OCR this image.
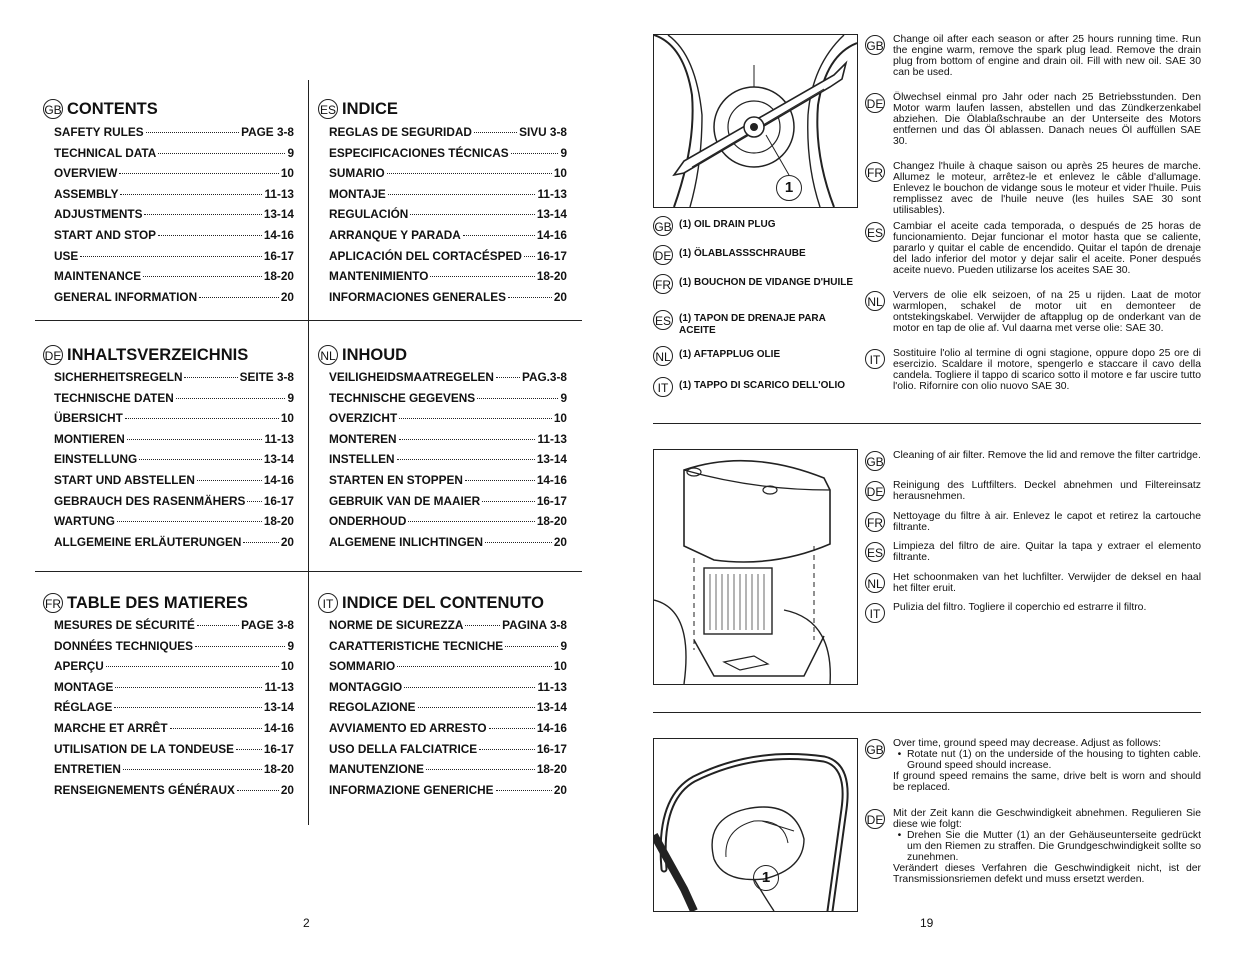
GB CONTENTS
SAFETY RULES	PAGE 3-8
TECHNICAL DATA	9
OVERVIEW	10
ASSEMBLY	11-13
ADJUSTMENTS	13-14
START AND STOP	14-16
USE	16-17
MAINTENANCE	18-20
GENERAL INFORMATION	20
ES INDICE
REGLAS DE SEGURIDAD	SIVU 3-8
ESPECIFICACIONES TÉCNICAS	9
SUMARIO	10
MONTAJE	11-13
REGULACIÓN	13-14
ARRANQUE Y PARADA	14-16
APLICACIÓN DEL CORTACÉSPED 16-17
MANTENIMIENTO	18-20
INFORMACIONES GENERALES	20
DE INHALTSVERZEICHNIS
SICHERHEITSREGELN	SEITE 3-8
TECHNISCHE DATEN	9
ÜBERSICHT	10
MONTIEREN	11-13
EINSTELLUNG	13-14
START UND ABSTELLEN	14-16
GEBRAUCH DES RASENMÄHERS 16-17
WARTUNG	18-20
ALLGEMEINE ERLÄUTERUNGEN	20
NL INHOUD
VEILIGHEIDSMAATREGELEN PAG.3-8
TECHNISCHE GEGEVENS	9
OVERZICHT	10
MONTEREN	11-13
INSTELLEN	13-14
STARTEN EN STOPPEN	14-16
GEBRUIK VAN DE MAAIER	16-17
ONDERHOUD	18-20
ALGEMENE INLICHTINGEN	20
FR TABLE DES MATIERES
MESURES DE SÉCURITÉ	PAGE 3-8
DONNÉES TECHNIQUES	9
APERÇU	10
MONTAGE	11-13
RÉGLAGE	13-14
MARCHE ET ARRÊT	14-16
UTILISATION DE LA TONDEUSE	16-17
ENTRETIEN	18-20
RENSEIGNEMENTS GÉNÉRAUX	20
IT INDICE DEL CONTENUTO
NORME DE SICUREZZA	PAGINA 3-8
CARATTERISTICHE TECNICHE	9
SOMMARIO	10
MONTAGGIO	11-13
REGOLAZIONE	13-14
AVVIAMENTO ED ARRESTO	14-16
USO DELLA FALCIATRICE	16-17
MANUTENZIONE	18-20
INFORMAZIONE GENERICHE	20
2
1
GB (1) OIL DRAIN PLUG
DE (1) ÖLABLASSSCHRAUBE
FR (1) BOUCHON DE VIDANGE D'HUILE
ES (1) TAPON DE DRENAJE PARA ACEITE
NL (1) AFTAPPLUG OLIE
IT	(1) TAPPO DI SCARICO DELL'OLIO
GB Change oil after each season or after 25 hours running time. Run the engine warm, remove the spark plug lead. Remove the drain plug from bottom of engine and drain oil. Fill with new oil. SAE 30 can be used.
DE Ölwechsel einmal pro Jahr oder nach 25 Betriebsstunden. Den Motor warm laufen lassen, abstellen und das Zündkerzenkabel abziehen. Die Ölablaßschraube an der Unterseite des Motors entfernen und das Öl ablassen. Danach neues Öl auffüllen SAE 30.
FR Changez l'huile à chaque saison ou après 25 heures de marche. Allumez le moteur, arrêtez-le et enlevez le câble d'allumage. Enlevez le bouchon de vidange sous le moteur et vider l'huile. Puis remplissez avec de l'huile neuve (les huiles SAE 30 sont utilisables).
ES Cambiar el aceite cada temporada, o después de 25 horas de funcionamiento. Dejar funcionar el motor hasta que se caliente, pararlo y quitar el cable de encendido. Quitar el tapón de drenaje del lado inferior del motor y dejar salir el aceite. Poner después aceite nuevo. Pueden utilizarse los aceites SAE 30.
NL Ververs de olie elk seizoen, of na 25 u rijden. Laat de motor warmlopen, schakel de motor uit en demonteer de ontstekingskabel. Verwijder de aftapplug op de onderkant van de motor en tap de olie af. Vul daarna met verse olie: SAE 30.
IT	Sostituire l'olio al termine di ogni stagione, oppure dopo 25 ore di esercizio. Scaldare il motore, spengerlo e staccare il cavo della candela. Togliere il tappo di scarico sotto il motore e far uscire tutto l'olio. Rifornire con olio nuovo SAE 30.
GB Cleaning of air filter. Remove the lid and remove the filter cartridge.
DE Reinigung des Luftfilters. Deckel abnehmen und Filtereinsatz herausnehmen.
FR Nettoyage du filtre à air. Enlevez le capot et retirez la cartouche filtrante.
ES Limpieza del filtro de aire. Quitar la tapa y extraer el elemento filtrante.
NL Het schoonmaken van het luchfilter. Verwijder de deksel en haal het filter eruit.
IT	Pulizia del filtro. Togliere il coperchio ed estrarre il filtro.
1
GB Over time, ground speed may decrease. Adjust as follows:
• Rotate nut (1) on the underside of the housing to tighten cable. Ground speed should increase.
If ground speed remains the same, drive belt is worn and should be replaced.
DE Mit der Zeit kann die Geschwindigkeit abnehmen. Regulieren Sie diese wie folgt:
• Drehen Sie die Mutter (1) an der Gehäuseunterseite gedrückt um den Riemen zu straffen. Die Grundgeschwindigkeit sollte so zunehmen.
Verändert dieses Verfahren die Geschwindigkeit nicht, ist der Transmissionsriemen defekt und muss ersetzt werden.
19
